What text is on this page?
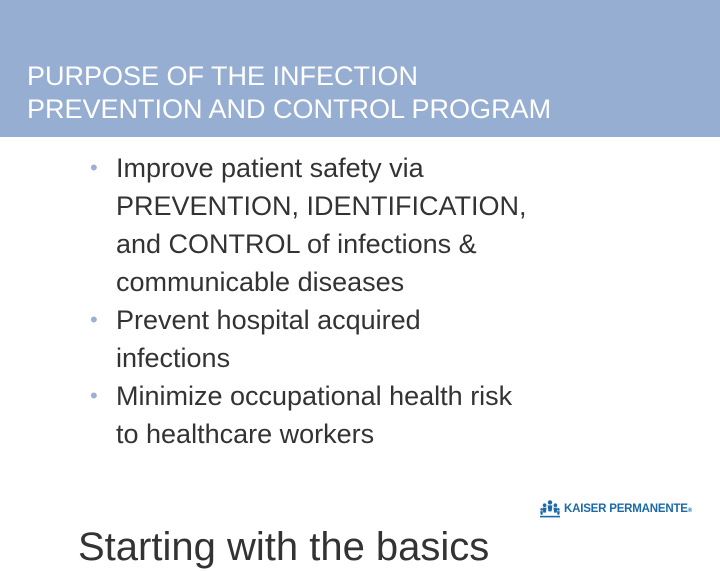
PURPOSE OF THE INFECTION
PREVENTION AND CONTROL PROGRAM
• Improve patient safety via
PREVENTION, IDENTIFICATION,
and CONTROL of infections &
communicable diseases
• Prevent hospital acquired
infections
• Minimize occupational health risk
to healthcare workers
KAISER PERMANENTE®

Starting with the basics
